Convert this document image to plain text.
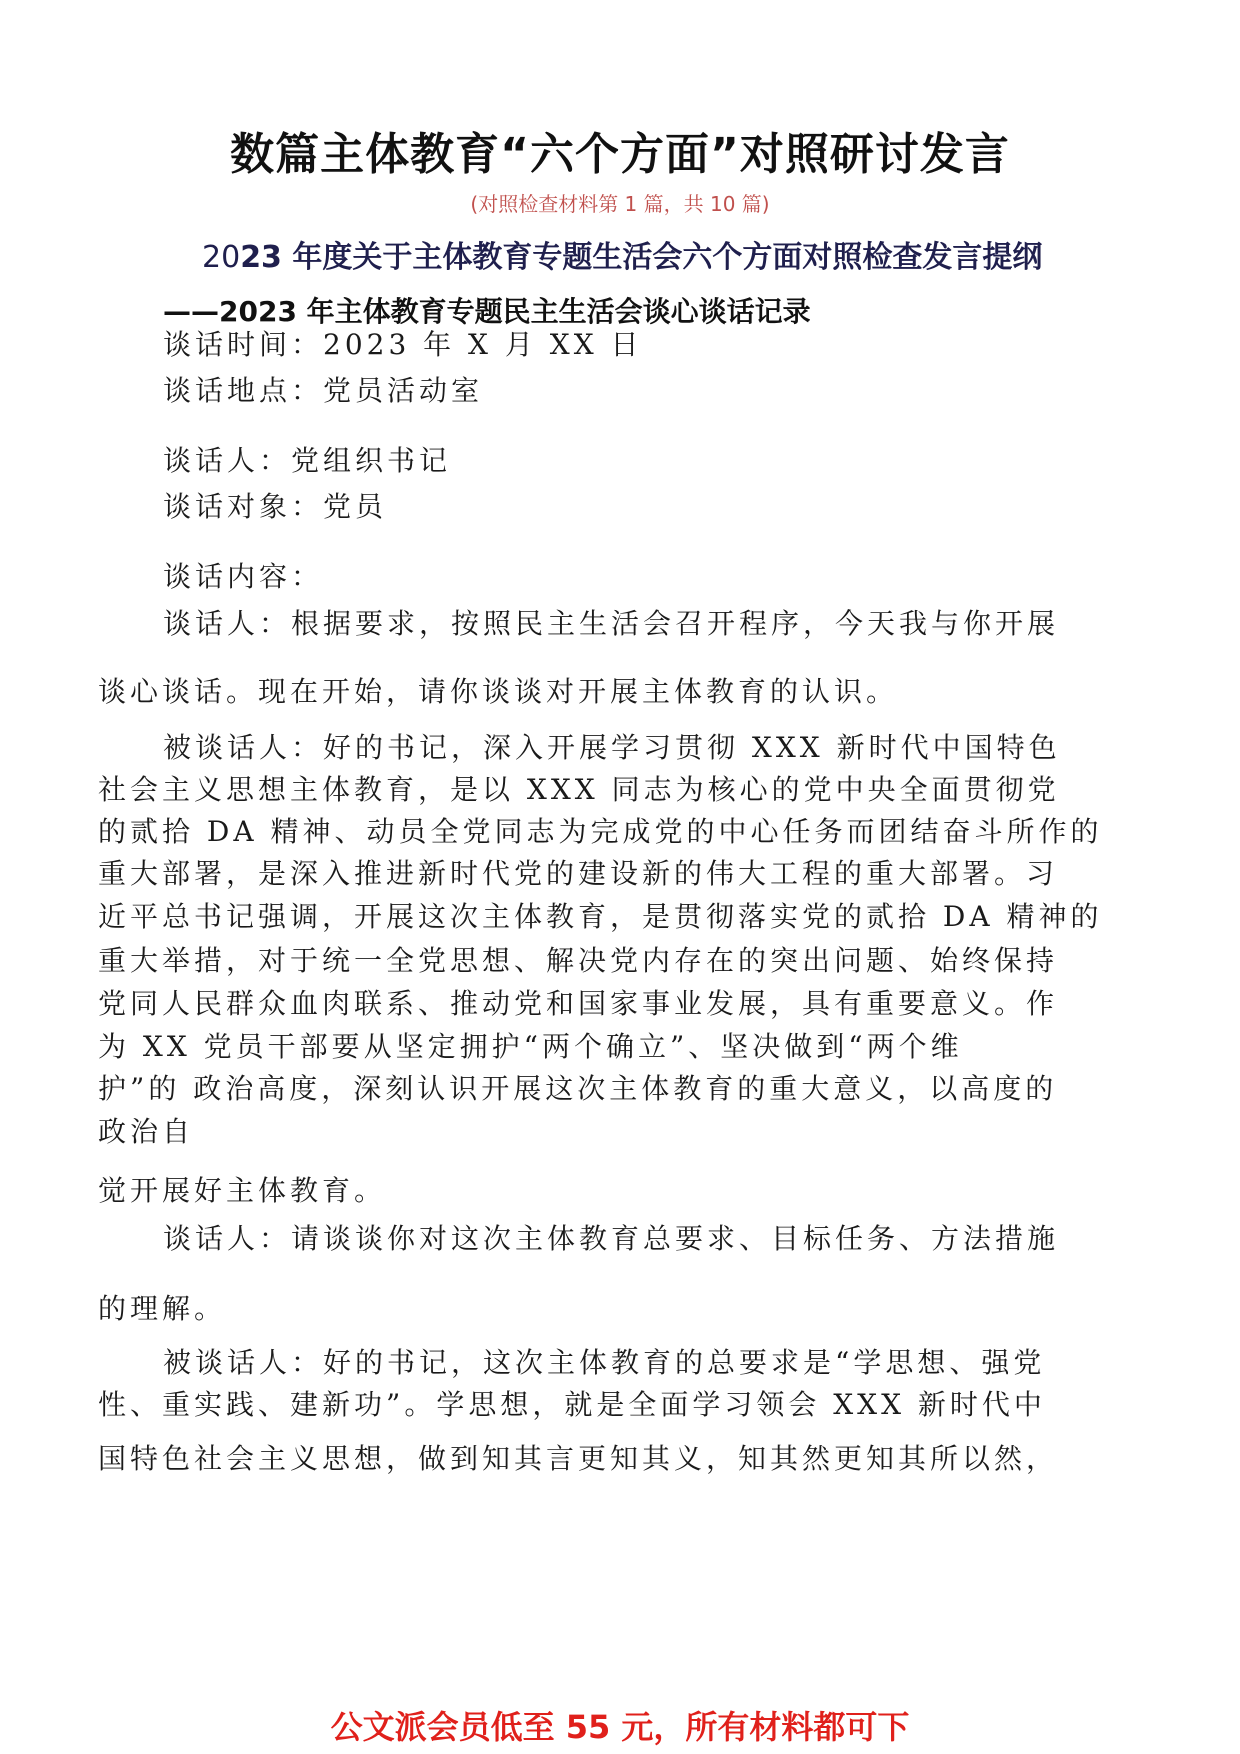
数篇主体教育“六个方面”对照研讨发言

(对照检查材料第 1 篇，共 10 篇)

2023 年度关于主体教育专题生活会六个方面对照检查发言提纲
——2023 年主体教育专题民主生活会谈心谈话记录

谈话时间：2023 年 X 月 XX 日

谈话地点：党员活动室

谈话人：党组织书记

谈话对象：党员

谈话内容：

谈话人：根据要求，按照民主生活会召开程序，今天我与你开展

谈心谈话。现在开始，请你谈谈对开展主体教育的认识。

被谈话人：好的书记，深入开展学习贯彻 XXX 新时代中国特色

社会主义思想主体教育，是以 XXX 同志为核心的党中央全面贯彻党

的贰拾 DA 精神、动员全党同志为完成党的中心任务而团结奋斗所作的

重大部署，是深入推进新时代党的建设新的伟大工程的重大部署。习

近平总书记强调，开展这次主体教育，是贯彻落实党的贰拾 DA 精神的

重大举措，对于统一全党思想、解决党内存在的突出问题、始终保持

党同人民群众血肉联系、推动党和国家事业发展，具有重要意义。作

为 XX 党员干部要从坚定拥护“两个确立”、坚决做到“两个维

护”的 政治高度，深刻认识开展这次主体教育的重大意义，以高度的

政治自

觉开展好主体教育。

谈话人：请谈谈你对这次主体教育总要求、目标任务、方法措施

的理解。

被谈话人：好的书记，这次主体教育的总要求是“学思想、强党

性、重实践、建新功”。学思想，就是全面学习领会 XXX 新时代中

国特色社会主义思想，做到知其言更知其义，知其然更知其所以然，

公文派会员低至 55 元，所有材料都可下
